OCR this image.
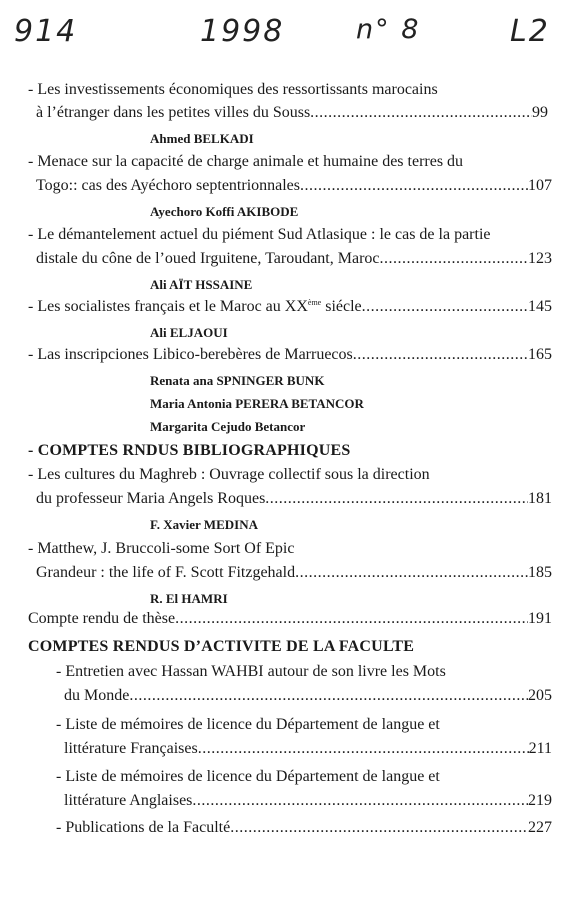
914	1998	n° 8	L2
- Les investissements économiques des ressortissants marocains
à l’étranger dans les petites villes du Souss .....	99
Ahmed BELKADI
- Menace sur la capacité de charge animale et humaine des terres du
Togo:: cas des Ayéchoro septentrionnales .....	107
Ayechoro Koffi AKIBODE
- Le démantelement actuel du piément Sud Atlasique : le cas de la partie
distale du cône de l’oued Irguitene, Taroudant, Maroc .....	123
Ali AÏT HSSAINE
- Les socialistes français et le Maroc au XXème siécle .....	145
Ali ELJAOUI
- Las inscripciones Libico-berebères de Marruecos .....	165
Renata ana SPNINGER BUNK
Maria Antonia PERERA BETANCOR
Margarita Cejudo Betancor
- COMPTES RNDUS BIBLIOGRAPHIQUES
- Les cultures du Maghreb : Ouvrage collectif sous la direction
du professeur Maria Angels Roques .....	181
F. Xavier MEDINA
- Matthew, J. Bruccoli-some Sort Of Epic
Grandeur : the life of F. Scott Fitzgehald .....	185
R. El HAMRI
Compte rendu de thèse .....	191
COMPTES RENDUS D’ACTIVITE DE LA FACULTE
- Entretien avec Hassan WAHBI autour de son livre les Mots
du Monde .....	205
- Liste de mémoires de licence du Département de langue et
littérature Françaises .....	211
- Liste de mémoires de licence du Département de langue et
littérature Anglaises .....	219
- Publications de la Faculté .....	227
